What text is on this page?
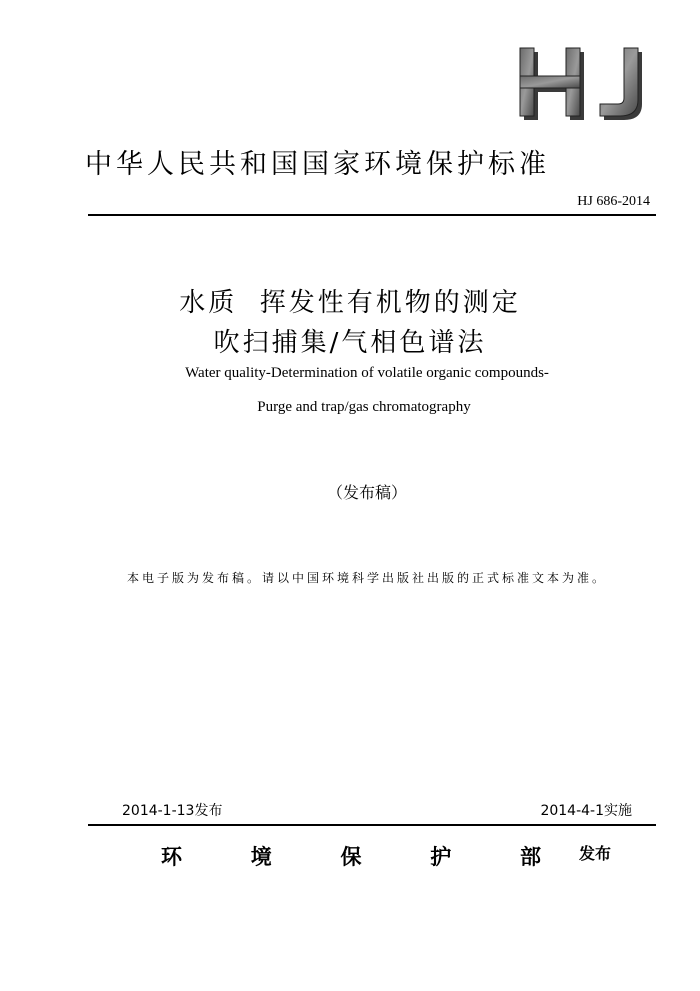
HJ
中华人民共和国国家环境保护标准
HJ 686-2014
水质  挥发性有机物的测定
吹扫捕集/气相色谱法
Water quality-Determination of volatile organic compounds-
Purge and trap/gas chromatography
（发布稿）
本电子版为发布稿。请以中国环境科学出版社出版的正式标准文本为准。
2014-1-13发布	2014-4-1实施
环	境	保	护	部 发布
